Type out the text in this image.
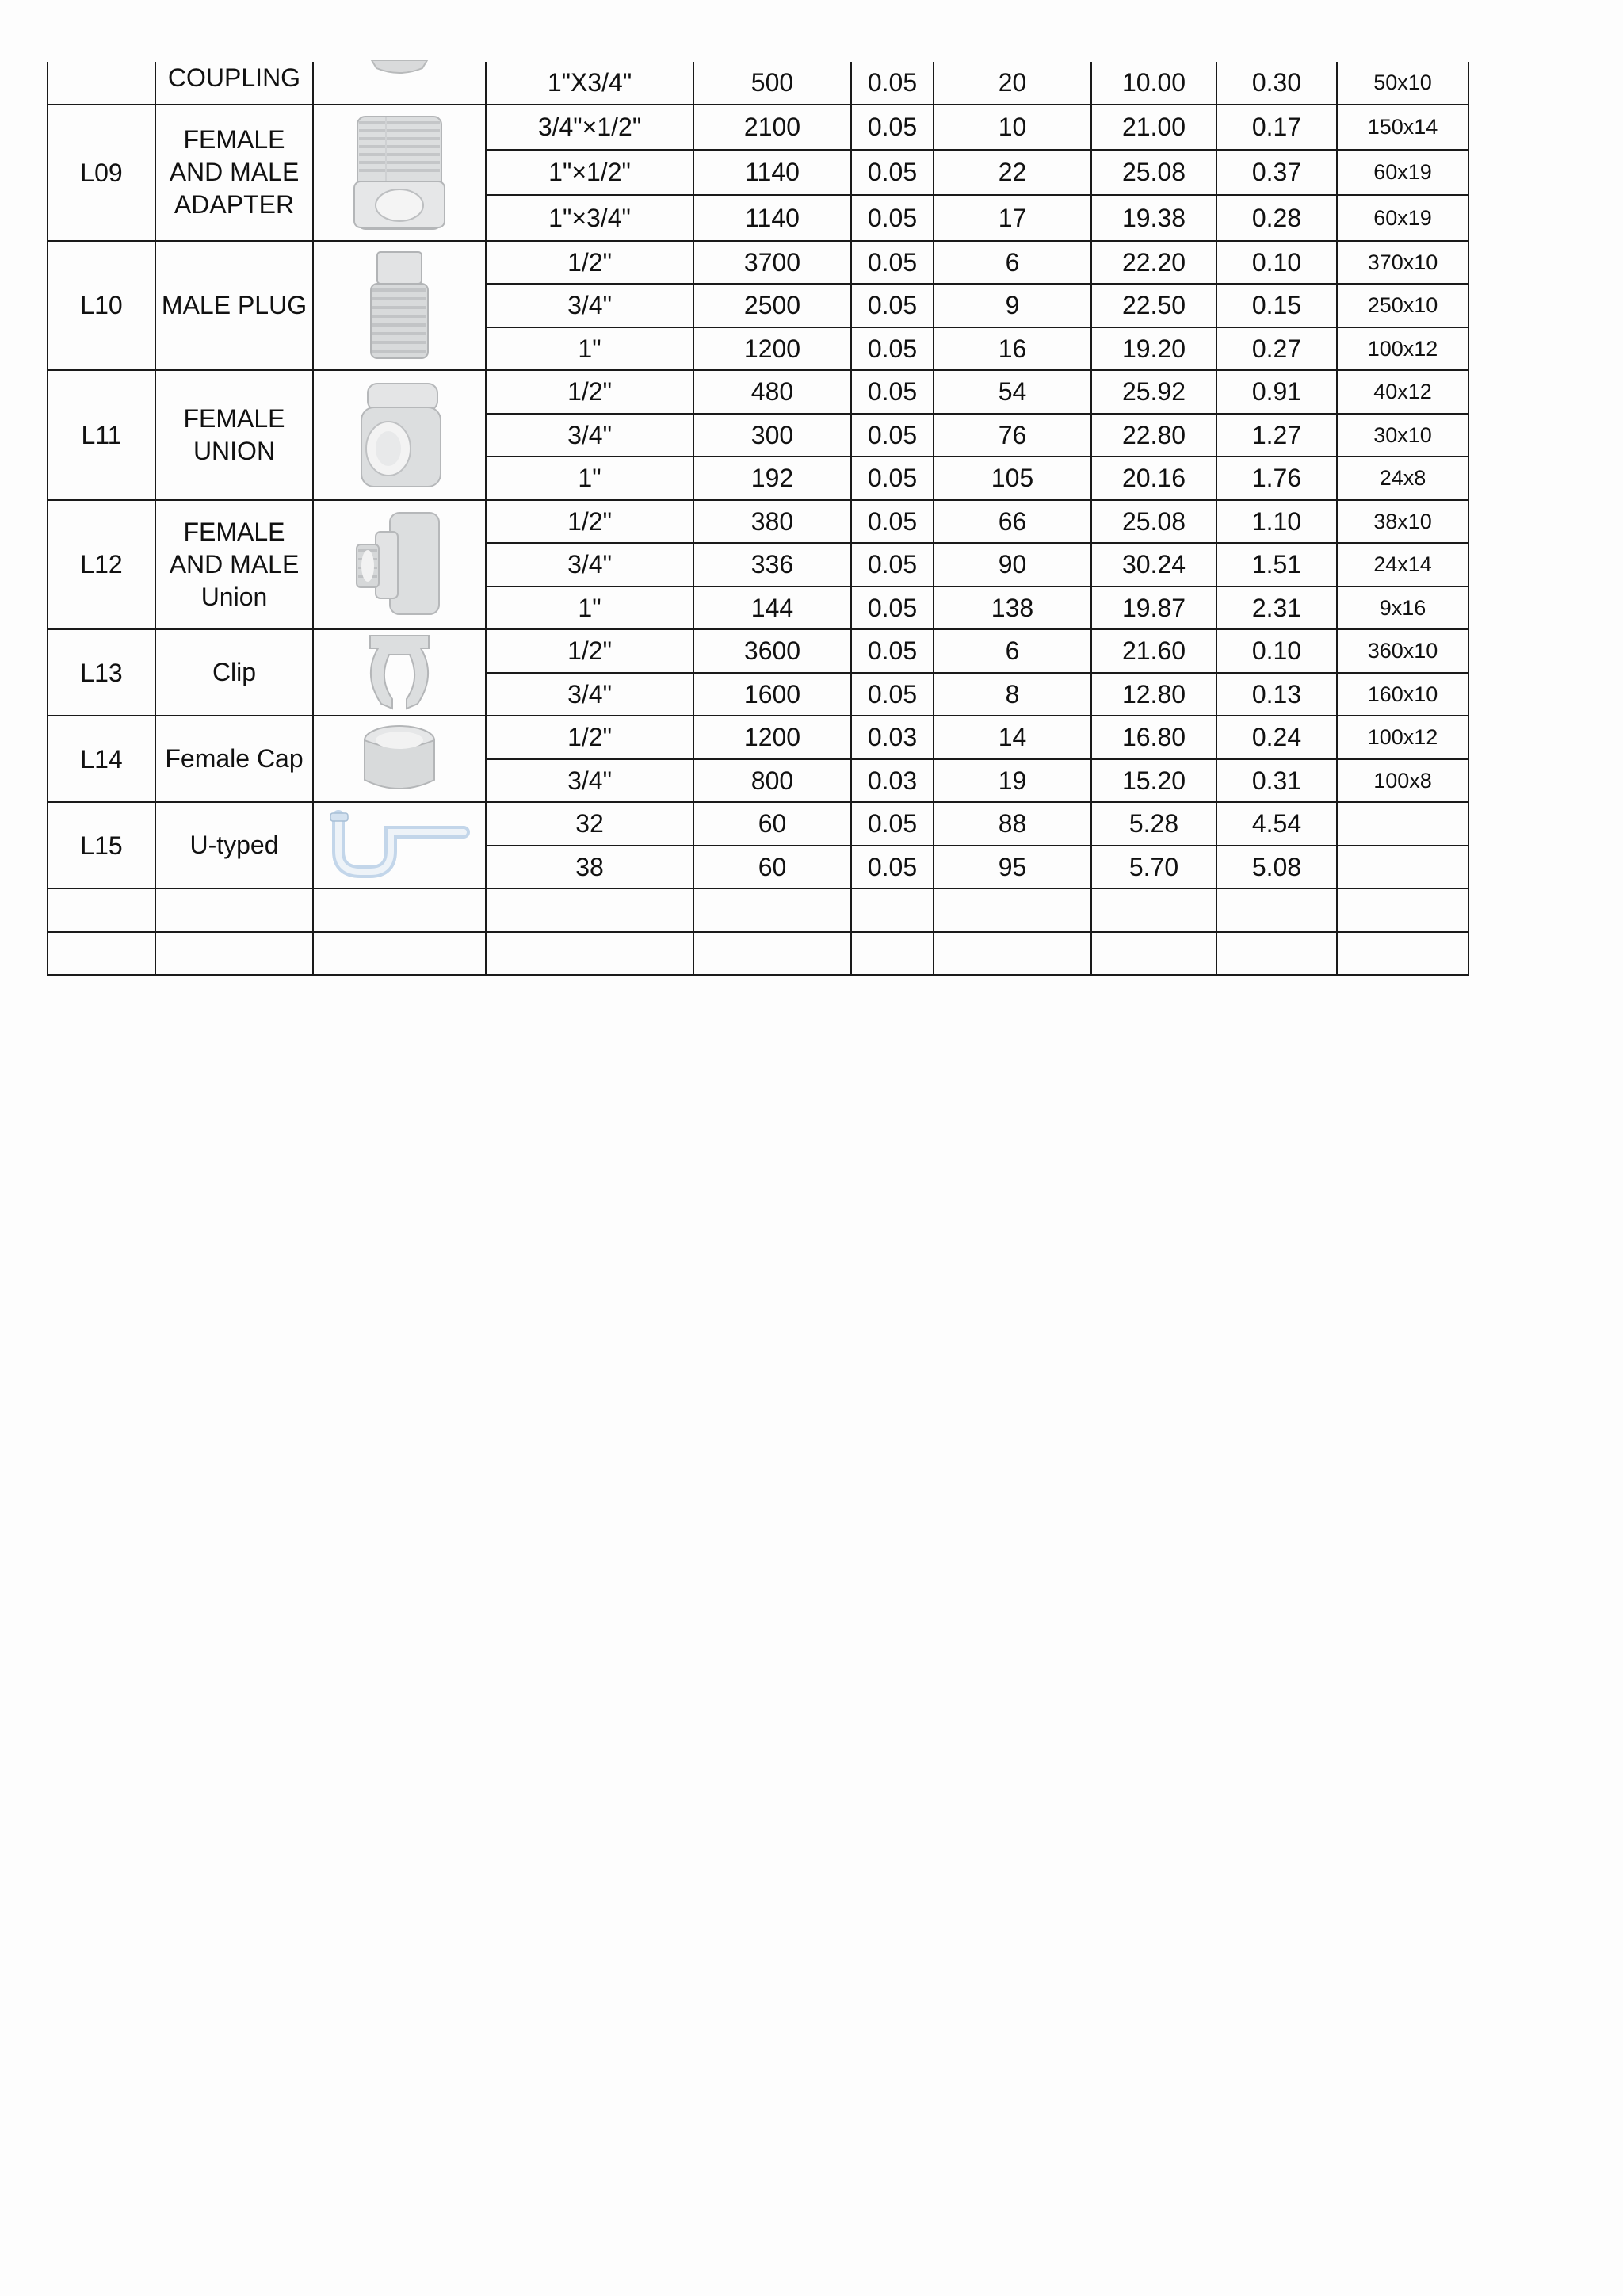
	COUPLING		1"X3/4"	500	0.05	20	10.00	0.30	50x10
L09	FEMALE AND MALE ADAPTER		3/4"×1/2"	2100	0.05	10	21.00	0.17	150x14
			1"×1/2"	1140	0.05	22	25.08	0.37	60x19
			1"×3/4"	1140	0.05	17	19.38	0.28	60x19
L10	MALE PLUG		1/2"	3700	0.05	6	22.20	0.10	370x10
			3/4"	2500	0.05	9	22.50	0.15	250x10
			1"	1200	0.05	16	19.20	0.27	100x12
L11	FEMALE UNION		1/2"	480	0.05	54	25.92	0.91	40x12
			3/4"	300	0.05	76	22.80	1.27	30x10
			1"	192	0.05	105	20.16	1.76	24x8
L12	FEMALE AND MALE Union		1/2"	380	0.05	66	25.08	1.10	38x10
			3/4"	336	0.05	90	30.24	1.51	24x14
			1"	144	0.05	138	19.87	2.31	9x16
L13	Clip		1/2"	3600	0.05	6	21.60	0.10	360x10
			3/4"	1600	0.05	8	12.80	0.13	160x10
L14	Female Cap		1/2"	1200	0.03	14	16.80	0.24	100x12
			3/4"	800	0.03	19	15.20	0.31	100x8
L15	U-typed		32	60	0.05	88	5.28	4.54	
			38	60	0.05	95	5.70	5.08	
